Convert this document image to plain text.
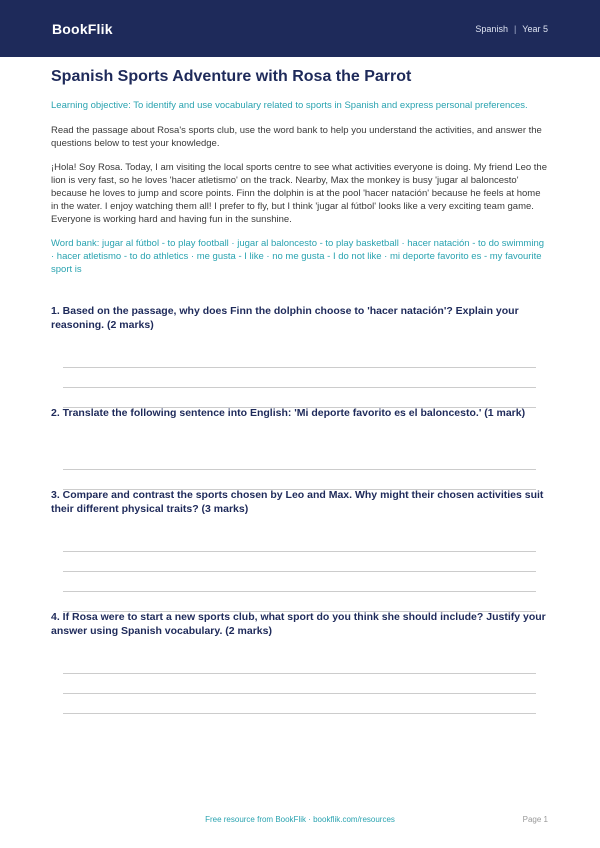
BookFlik	Spanish | Year 5
Spanish Sports Adventure with Rosa the Parrot

Learning objective: To identify and use vocabulary related to sports in Spanish and express personal preferences.

Read the passage about Rosa's sports club, use the word bank to help you understand the activities, and answer the questions below to test your knowledge.

¡Hola! Soy Rosa. Today, I am visiting the local sports centre to see what activities everyone is doing. My friend Leo the lion is very fast, so he loves 'hacer atletismo' on the track. Nearby, Max the monkey is busy 'jugar al baloncesto' because he loves to jump and score points. Finn the dolphin is at the pool 'hacer natación' because he feels at home in the water. I enjoy watching them all! I prefer to fly, but I think 'jugar al fútbol' looks like a very exciting team game. Everyone is working hard and having fun in the sunshine.

Word bank: jugar al fútbol - to play football · jugar al baloncesto - to play basketball · hacer natación - to do swimming · hacer atletismo - to do athletics · me gusta - I like · no me gusta - I do not like · mi deporte favorito es - my favourite sport is

1. Based on the passage, why does Finn the dolphin choose to 'hacer natación'? Explain your reasoning. (2 marks)

2. Translate the following sentence into English: 'Mi deporte favorito es el baloncesto.' (1 mark)

3. Compare and contrast the sports chosen by Leo and Max. Why might their chosen activities suit their different physical traits? (3 marks)

4. If Rosa were to start a new sports club, what sport do you think she should include? Justify your answer using Spanish vocabulary. (2 marks)

Free resource from BookFlik · bookflik.com/resources	Page 1
